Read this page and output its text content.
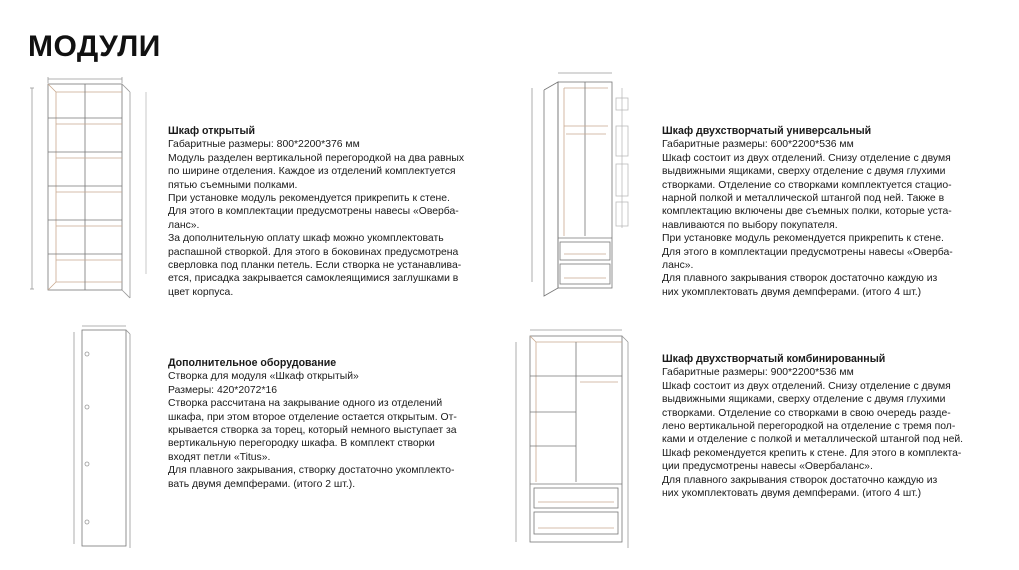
МОДУЛИ

Шкаф открытый

Габаритные размеры: 800*2200*376 мм

Модуль разделен вертикальной перегородкой на два равных

по ширине отделения. Каждое из отделений комплектуется

пятью съемными полками.

При установке модуль рекомендуется прикрепить к стене.

Для этого в комплектации предусмотрены навесы «Оверба-

ланс».

За дополнительную оплату шкаф можно укомплектовать

распашной створкой. Для этого в боковинах предусмотрена

сверловка под планки петель. Если створка не устанавлива-

ется, присадка закрывается самоклеящимися заглушками в

цвет корпуса.

Дополнительное оборудование

Створка для модуля «Шкаф открытый»

Размеры: 420*2072*16

Створка рассчитана на закрывание одного из отделений

шкафа, при этом второе отделение остается открытым. От-

крывается створка за торец, который немного выступает за

вертикальную перегородку шкафа. В комплект створки

входят петли «Titus».

Для плавного закрывания, створку достаточно укомплекто-

вать двумя демпферами. (итого 2 шт.).

Шкаф двухстворчатый универсальный

Габаритные размеры: 600*2200*536 мм

Шкаф состоит из двух отделений. Снизу отделение с двумя

выдвижными ящиками, сверху отделение с двумя глухими

створками. Отделение со створками комплектуется стацио-

нарной полкой и металлической штангой под ней. Также в

комплектацию включены две съемных полки, которые уста-

навливаются по выбору покупателя.

При установке модуль рекомендуется прикрепить к стене.

Для этого в комплектации предусмотрены навесы «Оверба-

ланс».

Для плавного закрывания створок достаточно каждую из

них укомплектовать двумя демпферами. (итого 4 шт.)

Шкаф двухстворчатый комбинированный

Габаритные размеры: 900*2200*536 мм

Шкаф состоит из двух отделений. Снизу отделение с двумя

выдвижными ящиками, сверху отделение с двумя глухими

створками. Отделение со створками в свою очередь разде-

лено вертикальной перегородкой на отделение с тремя пол-

ками и отделение с полкой и металлической штангой под ней.

Шкаф рекомендуется крепить к стене. Для этого в комплекта-

ции предусмотрены навесы «Овербаланс».

Для плавного закрывания створок достаточно каждую из

них укомплектовать двумя демпферами. (итого 4 шт.)
